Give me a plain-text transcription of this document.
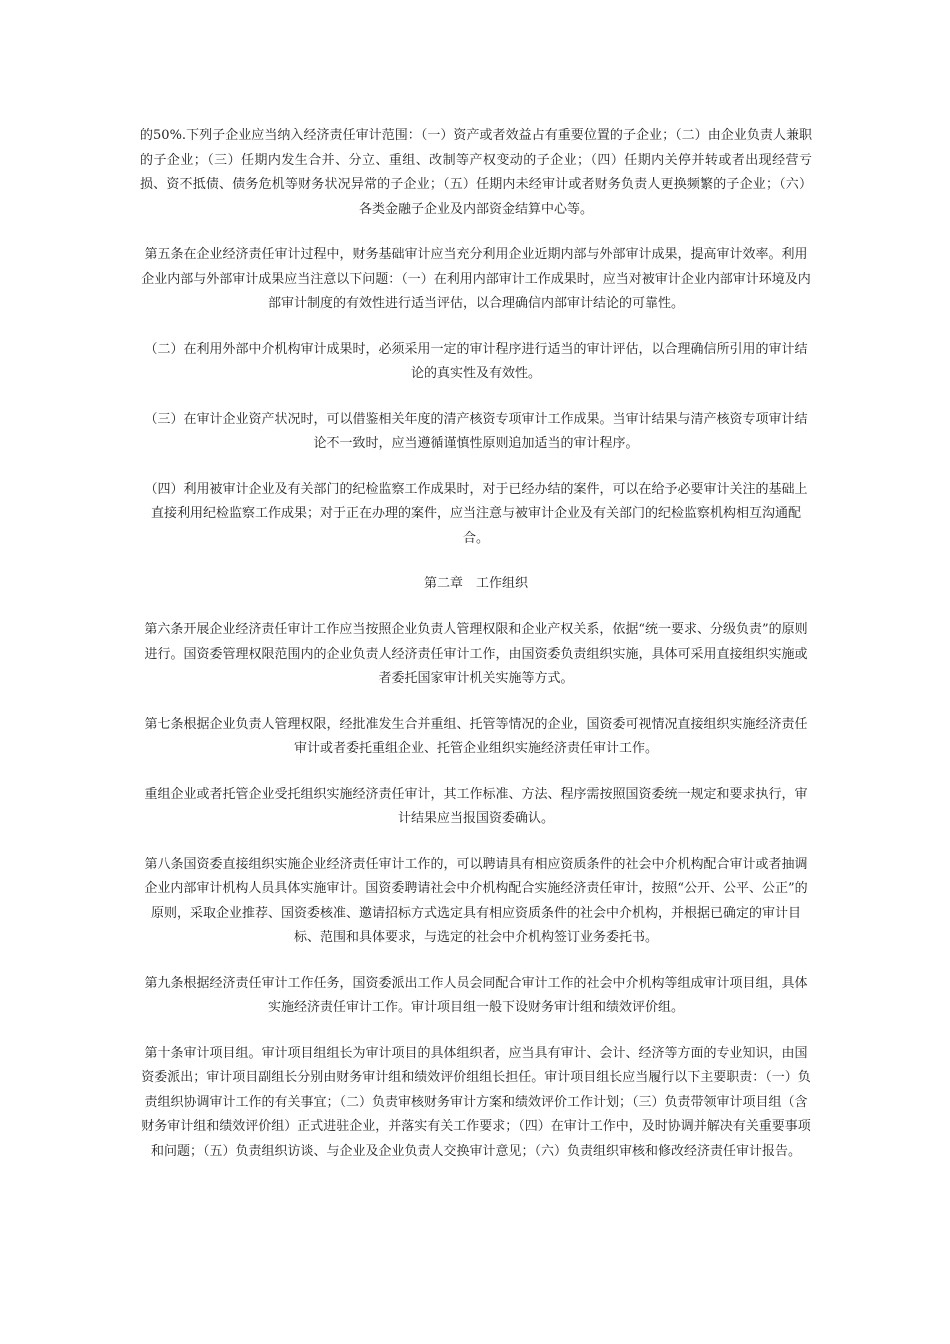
的50%.下列子企业应当纳入经济责任审计范围：（一）资产或者效益占有重要位置的子企业；（二）由企业负责人兼职的子企业；（三）任期内发生合并、分立、重组、改制等产权变动的子企业；（四）任期内关停并转或者出现经营亏损、资不抵债、债务危机等财务状况异常的子企业；（五）任期内未经审计或者财务负责人更换频繁的子企业；（六）各类金融子企业及内部资金结算中心等。

第五条在企业经济责任审计过程中，财务基础审计应当充分利用企业近期内部与外部审计成果，提高审计效率。利用企业内部与外部审计成果应当注意以下问题：（一）在利用内部审计工作成果时，应当对被审计企业内部审计环境及内部审计制度的有效性进行适当评估，以合理确信内部审计结论的可靠性。

（二）在利用外部中介机构审计成果时，必须采用一定的审计程序进行适当的审计评估，以合理确信所引用的审计结论的真实性及有效性。

（三）在审计企业资产状况时，可以借鉴相关年度的清产核资专项审计工作成果。当审计结果与清产核资专项审计结论不一致时，应当遵循谨慎性原则追加适当的审计程序。

（四）利用被审计企业及有关部门的纪检监察工作成果时，对于已经办结的案件，可以在给予必要审计关注的基础上直接利用纪检监察工作成果；对于正在办理的案件，应当注意与被审计企业及有关部门的纪检监察机构相互沟通配合。

第二章　工作组织

第六条开展企业经济责任审计工作应当按照企业负责人管理权限和企业产权关系，依据“统一要求、分级负责”的原则进行。国资委管理权限范围内的企业负责人经济责任审计工作，由国资委负责组织实施，具体可采用直接组织实施或者委托国家审计机关实施等方式。

第七条根据企业负责人管理权限，经批准发生合并重组、托管等情况的企业，国资委可视情况直接组织实施经济责任审计或者委托重组企业、托管企业组织实施经济责任审计工作。

重组企业或者托管企业受托组织实施经济责任审计，其工作标准、方法、程序需按照国资委统一规定和要求执行，审计结果应当报国资委确认。

第八条国资委直接组织实施企业经济责任审计工作的，可以聘请具有相应资质条件的社会中介机构配合审计或者抽调企业内部审计机构人员具体实施审计。国资委聘请社会中介机构配合实施经济责任审计，按照“公开、公平、公正”的原则，采取企业推荐、国资委核准、邀请招标方式选定具有相应资质条件的社会中介机构，并根据已确定的审计目标、范围和具体要求，与选定的社会中介机构签订业务委托书。

第九条根据经济责任审计工作任务，国资委派出工作人员会同配合审计工作的社会中介机构等组成审计项目组，具体实施经济责任审计工作。审计项目组一般下设财务审计组和绩效评价组。

第十条审计项目组。审计项目组组长为审计项目的具体组织者，应当具有审计、会计、经济等方面的专业知识，由国资委派出；审计项目副组长分别由财务审计组和绩效评价组组长担任。审计项目组长应当履行以下主要职责：（一）负责组织协调审计工作的有关事宜；（二）负责审核财务审计方案和绩效评价工作计划；（三）负责带领审计项目组（含财务审计组和绩效评价组）正式进驻企业，并落实有关工作要求；（四）在审计工作中，及时协调并解决有关重要事项和问题；（五）负责组织访谈、与企业及企业负责人交换审计意见；（六）负责组织审核和修改经济责任审计报告。
